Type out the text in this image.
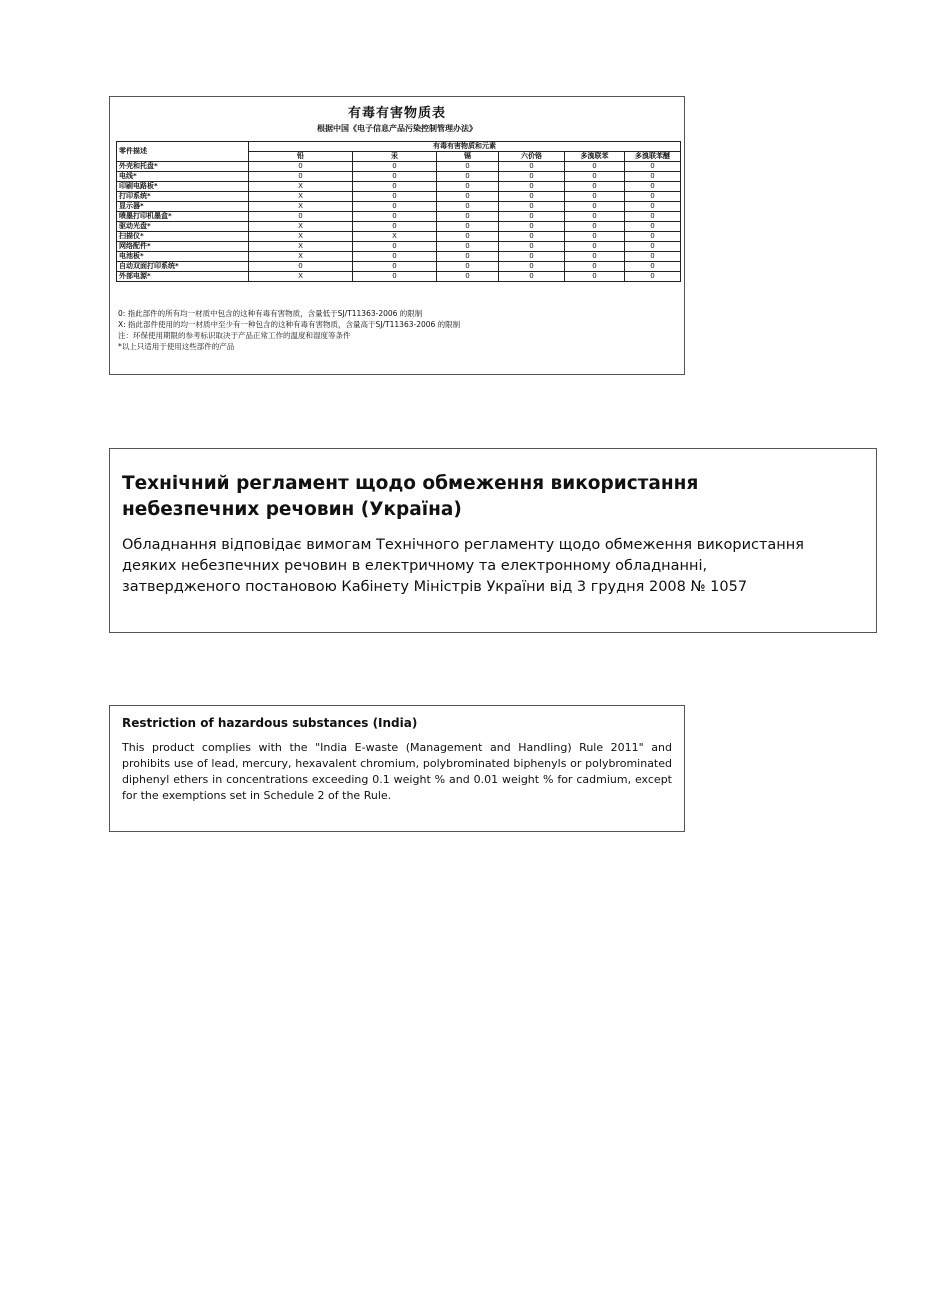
有毒有害物质表
根据中国《电子信息产品污染控制管理办法》
零件描述	有毒有害物质和元素					
	铅	汞	镉	六价铬	多溴联苯	多溴联苯醚
外壳和托盘*	0	0	0	0	0	0
电线*	0	0	0	0	0	0
印刷电路板*	X	0	0	0	0	0
打印系统*	X	0	0	0	0	0
显示器*	X	0	0	0	0	0
喷墨打印机墨盒*	0	0	0	0	0	0
驱动光盘*	X	0	0	0	0	0
扫描仪*	X	X	0	0	0	0
网络配件*	X	0	0	0	0	0
电池板*	X	0	0	0	0	0
自动双面打印系统*	0	0	0	0	0	0
外部电源*	X	0	0	0	0	0
0: 指此部件的所有均一材质中包含的这种有毒有害物质，含量低于SJ/T11363-2006 的限制
X: 指此部件使用的均一材质中至少有一种包含的这种有毒有害物质，含量高于SJ/T11363-2006 的限制
注：环保使用期限的参考标识取决于产品正常工作的温度和湿度等条件
*以上只适用于使用这些部件的产品
Технічний регламент щодо обмеження використання
небезпечних речовин (Україна)
Обладнання відповідає вимогам Технічного регламенту щодо обмеження використання
деяких небезпечних речовин в електричному та електронному обладнанні,
затвердженого постановою Кабінету Міністрів України від 3 грудня 2008 № 1057
Restriction of hazardous substances (India)
This product complies with the "India E-waste (Management and Handling) Rule 2011" and prohibits use of lead, mercury, hexavalent chromium, polybrominated biphenyls or polybrominated diphenyl ethers in concentrations exceeding 0.1 weight % and 0.01 weight % for cadmium, except for the exemptions set in Schedule 2 of the Rule.
